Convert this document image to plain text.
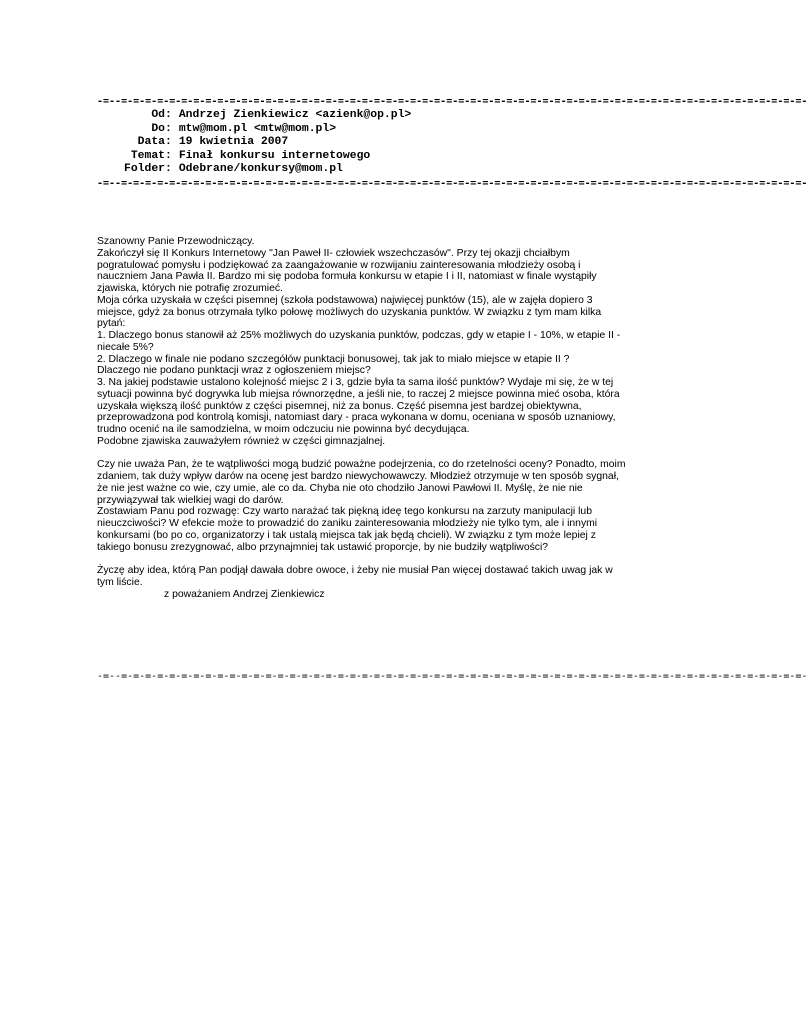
-=--=-=-=-=-=-=-=-=-=-=-=-=-=-=-=-=-=-=-=-=-=-=-=-=-=-=-=-=-=-=-=-=-=-=-=-=-=-=-=-=-=-=-=-=-=-=-=-=-=-=-=-=-=-=-=-=-=-
Od : Andrzej Zienkiewicz <azienk@op.pl>
Do : mtw@mom.pl <mtw@mom.pl>
Data : 19 kwietnia 2007
Temat : Finał konkursu internetowego
Folder : Odebrane/konkursy@mom.pl
-=--=-=-=-=-=-=-=-=-=-=-=-=-=-=-=-=-=-=-=-=-=-=-=-=-=-=-=-=-=-=-=-=-=-=-=-=-=-=-=-=-=-=-=-=-=-=-=-=-=-=-=-=-=-=-=-=-=-

Szanowny Panie Przewodniczący.

Zakończył się II Konkurs Internetowy "Jan Paweł II- człowiek wszechczasów". Przy tej okazji chciałbym pogratulować pomysłu i podziękować za zaangażowanie w rozwijaniu zainteresowania młodzieży osobą i nauczniem Jana Pawła II. Bardzo mi się podoba formuła konkursu w etapie I i II, natomiast w finale wystąpiły zjawiska, których nie potrafię zrozumieć.

Moja córka uzyskała w części pisemnej (szkoła podstawowa) najwięcej punktów (15), ale w zajęła dopiero 3 miejsce, gdyż za bonus otrzymała tylko połowę możliwych do uzyskania punktów. W związku z tym mam kilka pytań:

1. Dlaczego bonus stanowił aż 25% możliwych do uzyskania punktów, podczas, gdy w etapie I - 10%, w etapie II - niecałe 5%?

2. Dlaczego w finale nie podano szczegółów punktacji bonusowej, tak jak to miało miejsce w etapie II ?

Dlaczego nie podano punktacji wraz z ogłoszeniem miejsc?

3. Na jakiej podstawie ustalono kolejność miejsc 2 i 3, gdzie była ta sama ilość punktów? Wydaje mi się, że w tej sytuacji powinna być dogrywka lub miejsa równorzędne, a jeśli nie, to raczej 2 miejsce powinna mieć osoba, która uzyskała większą ilość punktów z części pisemnej, niż za bonus. Część pisemna jest bardzej obiektywna, przeprowadzona pod kontrolą komisji, natomiast dary - praca wykonana w domu, oceniana w sposób uznaniowy, trudno ocenić na ile samodzielna, w moim odczuciu nie powinna być decydująca.

Podobne zjawiska zauważyłem również w części gimnazjalnej.

Czy nie uważa Pan, że te wątpliwości mogą budzić poważne podejrzenia, co do rzetelności oceny? Ponadto, moim zdaniem, tak duży wpływ darów na ocenę jest bardzo niewychowawczy. Młodzież otrzymuje w ten sposób sygnał, że nie jest ważne co wie, czy umie, ale co da. Chyba nie oto chodziło Janowi Pawłowi II. Myślę, że nie nie przywiązywał tak wielkiej wagi do darów.

Zostawiam Panu pod rozwagę: Czy warto narażać tak piękną ideę tego konkursu na zarzuty manipulacji lub nieuczciwości? W efekcie może to prowadzić do zaniku zainteresowania młodzieży nie tylko tym, ale i innymi konkursami (bo po co, organizatorzy i tak ustalą miejsca tak jak będą chcieli). W związku z tym może lepiej z takiego bonusu zrezygnować, albo przynajmniej tak ustawić proporcje, by nie budziły wątpliwości?

Życzę aby idea, którą Pan podjął dawała dobre owoce, i żeby nie musiał Pan więcej dostawać takich uwag jak w tym liście.

z poważaniem Andrzej Zienkiewicz

-=--=-=-=-=-=-=-=-=-=-=-=-=-=-=-=-=-=-=-=-=-=-=-=-=-=-=-=-=-=-=-=-=-=-=-=-=-=-=-=-=-=-=-=-=-=-=-=-=-=-=-=-=-=-=-=-=-=-
